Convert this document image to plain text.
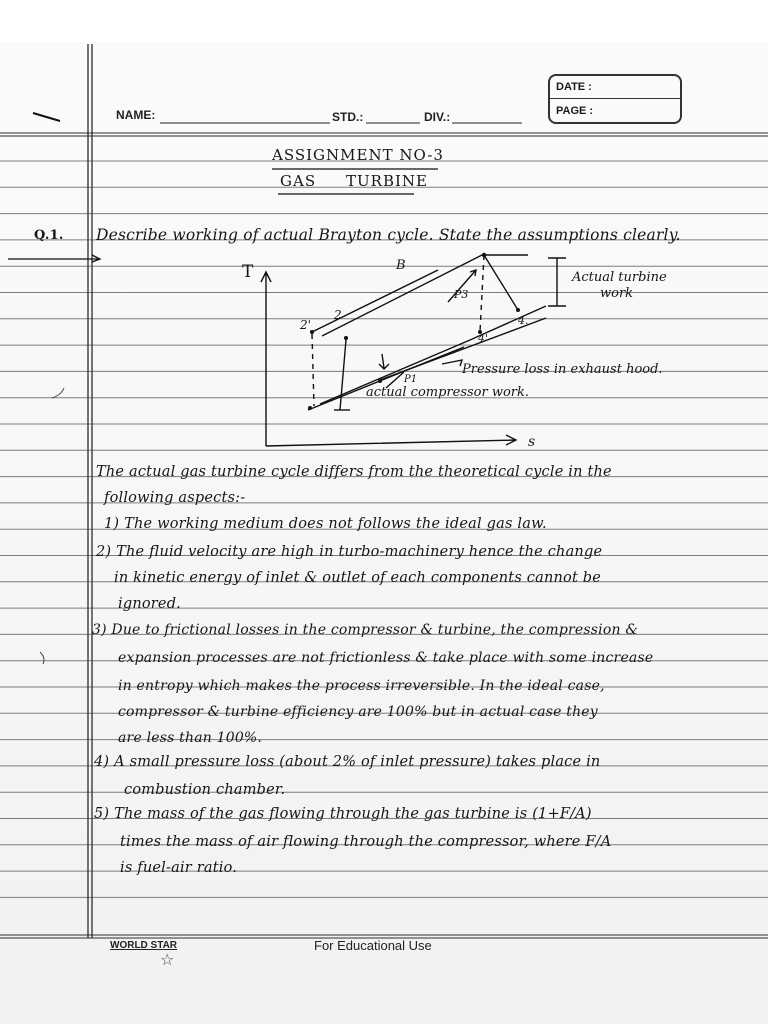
NAME:	STD.:	DIV.:
DATE :
PAGE :
ASSIGNMENT NO-3
GAS TURBINE
Q.1. Describe working of actual Brayton cycle. State the assumptions clearly.
T
s
B
P3
2'
2
4'
4.
P1
Actual turbine
work
Pressure loss in exhaust hood.
actual compressor work.
The actual gas turbine cycle differs from the theoretical cycle in the
following aspects:-
1) The working medium does not follows the ideal gas law.
2) The fluid velocity are high in turbo-machinery hence the change
in kinetic energy of inlet & outlet of each components cannot be
ignored.
3) Due to frictional losses in the compressor & turbine, the compression &
expansion processes are not frictionless & take place with some increase
in entropy which makes the process irreversible. In the ideal case,
compressor & turbine efficiency are 100% but in actual case they
are less than 100%.
4) A small pressure loss (about 2% of inlet pressure) takes place in
combustion chamber.
5) The mass of the gas flowing through the gas turbine is (1+F/A)
times the mass of air flowing through the compressor, where F/A
is fuel-air ratio.
WORLD STAR
☆
For Educational Use
